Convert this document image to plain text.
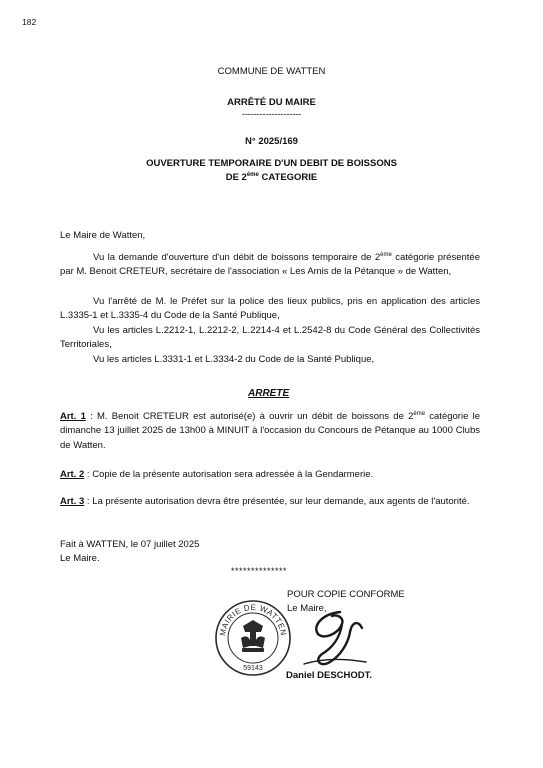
182
COMMUNE DE WATTEN
ARRÊTÉ DU MAIRE
--------------------
N° 2025/169
OUVERTURE TEMPORAIRE D'UN DEBIT DE BOISSONS
DE 2ème CATEGORIE
Le Maire de Watten,
Vu la demande d'ouverture d'un débit de boissons temporaire de 2ème catégorie présentée par M. Benoit CRETEUR, secrétaire de l'association « Les Amis de la Pétanque » de Watten,
Vu l'arrêté de M. le Préfet sur la police des lieux publics, pris en application des articles L.3335-1 et L.3335-4 du Code de la Santé Publique,
Vu les articles L.2212-1, L.2212-2, L.2214-4 et L.2542-8 du Code Général des Collectivités Territoriales,
Vu les articles L.3331-1 et L.3334-2 du Code de la Santé Publique,
ARRETE
Art. 1 : M. Benoit CRETEUR est autorisé(e) à ouvrir un débit de boissons de 2ème catégorie le dimanche 13 juillet 2025 de 13h00 à MINUIT à l'occasion du Concours de Pétanque au 1000 Clubs de Watten.
Art. 2 : Copie de la présente autorisation sera adressée à la Gendarmerie.
Art. 3 : La présente autorisation devra être présentée, sur leur demande, aux agents de l'autorité.
Fait à WATTEN, le 07 juillet 2025
Le Maire.
**************
POUR COPIE CONFORME
Le Maire,
MAIRIE DE WATTEN
59143
Daniel DESCHODT.
